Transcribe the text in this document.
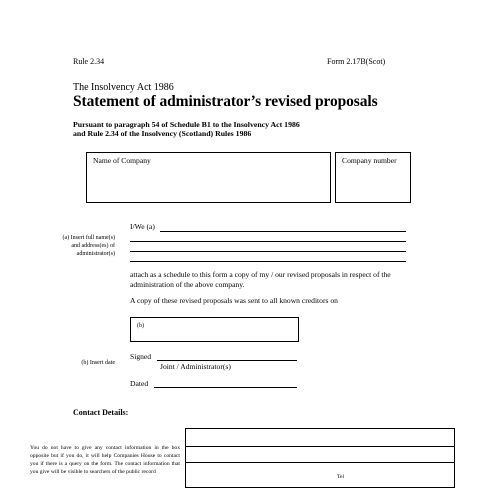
Rule 2.34	Form 2.17B(Scot)
The Insolvency Act 1986
Statement of administrator’s revised proposals
Pursuant to paragraph 54 of Schedule B1 to the Insolvency Act 1986
and Rule 2.34 of the Insolvency (Scotland) Rules 1986
Name of Company	Company number
(a) Insert full name(s)
and address(es) of
administrator(s)
I/We (a)
attach as a schedule to this form a copy of my / our revised proposals in respect of the administration of the above company.
A copy of these revised proposals was sent to all known creditors on
(b)
(b) Insert date
Signed
Joint / Administrator(s)
Dated
Contact Details:
You do not have to give any contact information in the box opposite but if you do, it will help Companies House to contact you if there is a query on the form. The contact information that you give will be visible to searchers of the public record
Tel
